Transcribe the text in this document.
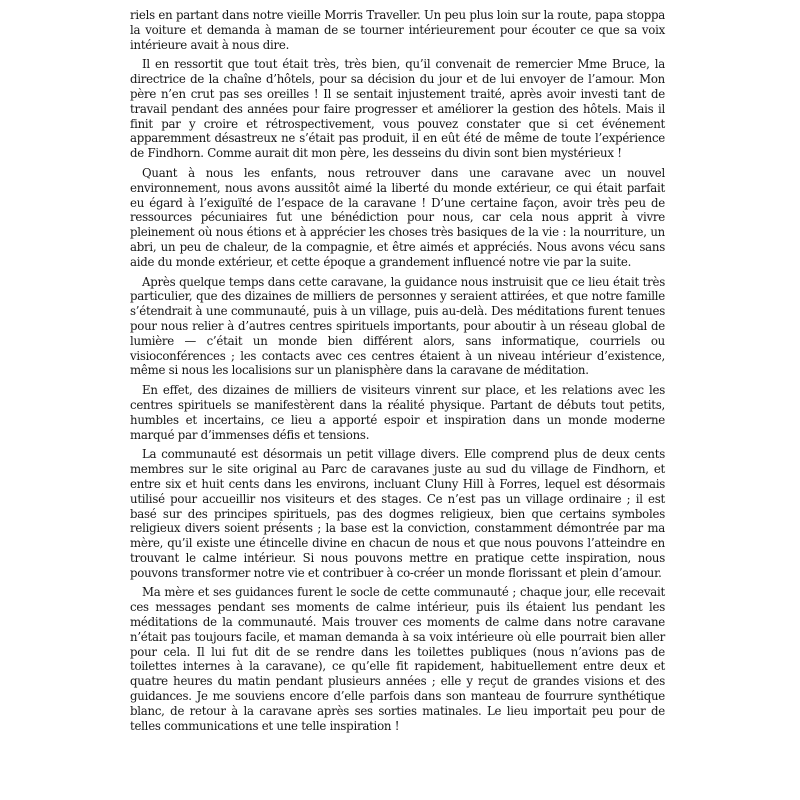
riels en partant dans notre vieille Morris Traveller. Un peu plus loin sur la route, papa stoppa la voiture et demanda à maman de se tourner intérieurement pour écouter ce que sa voix intérieure avait à nous dire.

Il en ressortit que tout était très, très bien, qu’il convenait de remercier Mme Bruce, la directrice de la chaîne d’hôtels, pour sa décision du jour et de lui envoyer de l’amour. Mon père n’en crut pas ses oreilles ! Il se sentait injustement traité, après avoir investi tant de travail pendant des années pour faire progresser et améliorer la gestion des hôtels. Mais il finit par y croire et rétrospectivement, vous pouvez constater que si cet événement apparemment désastreux ne s’était pas produit, il en eût été de même de toute l’expérience de Findhorn. Comme aurait dit mon père, les desseins du divin sont bien mystérieux !

Quant à nous les enfants, nous retrouver dans une caravane avec un nouvel environnement, nous avons aussitôt aimé la liberté du monde extérieur, ce qui était parfait eu égard à l’exiguïté de l’espace de la caravane ! D’une certaine façon, avoir très peu de ressources pécuniaires fut une bénédiction pour nous, car cela nous apprit à vivre pleinement où nous étions et à apprécier les choses très basiques de la vie : la nourriture, un abri, un peu de chaleur, de la compagnie, et être aimés et appréciés. Nous avons vécu sans aide du monde extérieur, et cette époque a grandement influencé notre vie par la suite.

Après quelque temps dans cette caravane, la guidance nous instruisit que ce lieu était très particulier, que des dizaines de milliers de personnes y seraient attirées, et que notre famille s’étendrait à une communauté, puis à un village, puis au-delà. Des méditations furent tenues pour nous relier à d’autres centres spirituels importants, pour aboutir à un réseau global de lumière — c’était un monde bien différent alors, sans informatique, courriels ou visioconférences ; les contacts avec ces centres étaient à un niveau intérieur d’existence, même si nous les localisions sur un planisphère dans la caravane de méditation.

En effet, des dizaines de milliers de visiteurs vinrent sur place, et les relations avec les centres spirituels se manifestèrent dans la réalité physique. Partant de débuts tout petits, humbles et incertains, ce lieu a apporté espoir et inspiration dans un monde moderne marqué par d’immenses défis et tensions.

La communauté est désormais un petit village divers. Elle comprend plus de deux cents membres sur le site original au Parc de caravanes juste au sud du village de Findhorn, et entre six et huit cents dans les environs, incluant Cluny Hill à Forres, lequel est désormais utilisé pour accueillir nos visiteurs et des stages. Ce n’est pas un village ordinaire ; il est basé sur des principes spirituels, pas des dogmes religieux, bien que certains symboles religieux divers soient présents ; la base est la conviction, constamment démontrée par ma mère, qu’il existe une étincelle divine en chacun de nous et que nous pouvons l’atteindre en trouvant le calme intérieur. Si nous pouvons mettre en pratique cette inspiration, nous pouvons transformer notre vie et contribuer à co-créer un monde florissant et plein d’amour.

Ma mère et ses guidances furent le socle de cette communauté ; chaque jour, elle recevait ces messages pendant ses moments de calme intérieur, puis ils étaient lus pendant les méditations de la communauté. Mais trouver ces moments de calme dans notre caravane n’était pas toujours facile, et maman demanda à sa voix intérieure où elle pourrait bien aller pour cela. Il lui fut dit de se rendre dans les toilettes publiques (nous n’avions pas de toilettes internes à la caravane), ce qu’elle fit rapidement, habituellement entre deux et quatre heures du matin pendant plusieurs années ; elle y reçut de grandes visions et des guidances. Je me souviens encore d’elle parfois dans son manteau de fourrure synthétique blanc, de retour à la caravane après ses sorties matinales. Le lieu importait peu pour de telles communications et une telle inspiration !
